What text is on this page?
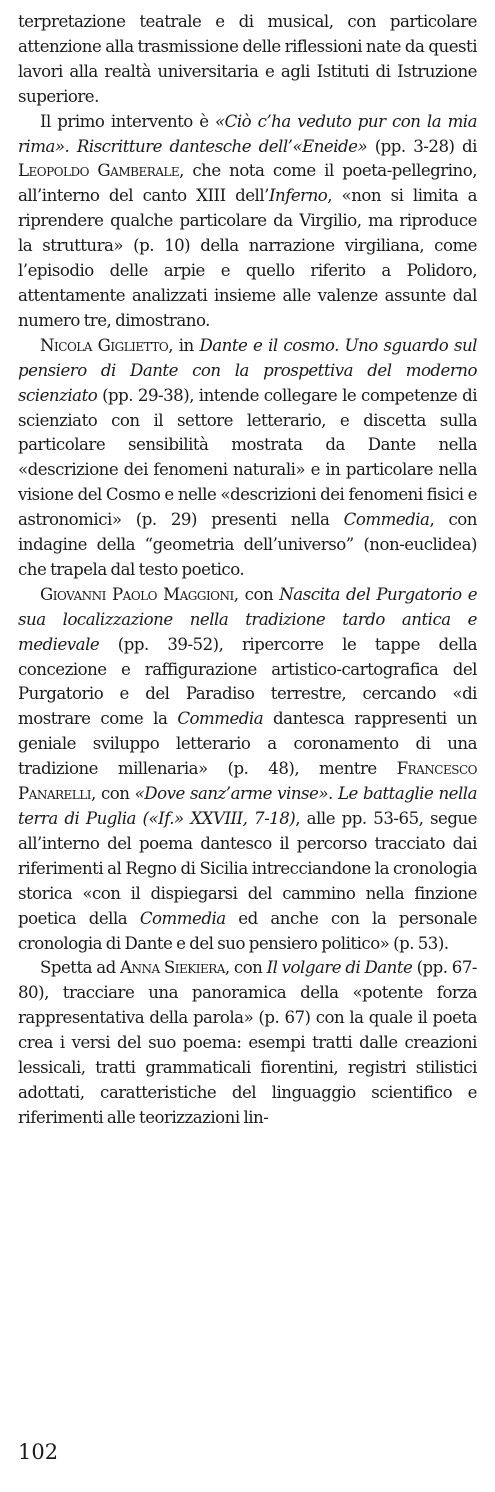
terpretazione teatrale e di musical, con particolare attenzione alla trasmissione delle riflessioni nate da questi lavori alla realtà universitaria e agli Istituti di Istruzione superiore.

Il primo intervento è «Ciò c’ha veduto pur con la mia rima». Riscritture dantesche dell’«Eneide» (pp. 3-28) di Leopoldo Gamberale, che nota come il poeta-pellegrino, all’interno del canto XIII dell’Inferno, «non si limita a riprendere qualche particolare da Virgilio, ma riproduce la struttura» (p. 10) della narrazione virgiliana, come l’episodio delle arpie e quello riferito a Polidoro, attentamente analizzati insieme alle valenze assunte dal numero tre, dimostrano.

Nicola Giglietto, in Dante e il cosmo. Uno sguardo sul pensiero di Dante con la prospettiva del moderno scienziato (pp. 29-38), intende collegare le competenze di scienziato con il settore letterario, e discetta sulla particolare sensibilità mostrata da Dante nella «descrizione dei fenomeni naturali» e in particolare nella visione del Cosmo e nelle «descrizioni dei fenomeni fisici e astronomici» (p. 29) presenti nella Commedia, con indagine della “geometria dell’universo” (non-euclidea) che trapela dal testo poetico.

Giovanni Paolo Maggioni, con Nascita del Purgatorio e sua localizzazione nella tradizione tardo antica e medievale (pp. 39-52), ripercorre le tappe della concezione e raffigurazione artistico-cartografica del Purgatorio e del Paradiso terrestre, cercando «di mostrare come la Commedia dantesca rappresenti un geniale sviluppo letterario a coronamento di una tradizione millenaria» (p. 48), mentre Francesco Panarelli, con «Dove sanz’arme vinse». Le battaglie nella terra di Puglia («If.» XXVIII, 7-18), alle pp. 53-65, segue all’interno del poema dantesco il percorso tracciato dai riferimenti al Regno di Sicilia intrecciandone la cronologia storica «con il dispiegarsi del cammino nella finzione poetica della Commedia ed anche con la personale cronologia di Dante e del suo pensiero politico» (p. 53).

Spetta ad Anna Siekiera, con Il volgare di Dante (pp. 67-80), tracciare una panoramica della «potente forza rappresentativa della parola» (p. 67) con la quale il poeta crea i versi del suo poema: esempi tratti dalle creazioni lessicali, tratti grammaticali fiorentini, registri stilistici adottati, caratteristiche del linguaggio scientifico e riferimenti alle teorizzazioni lin-

102
